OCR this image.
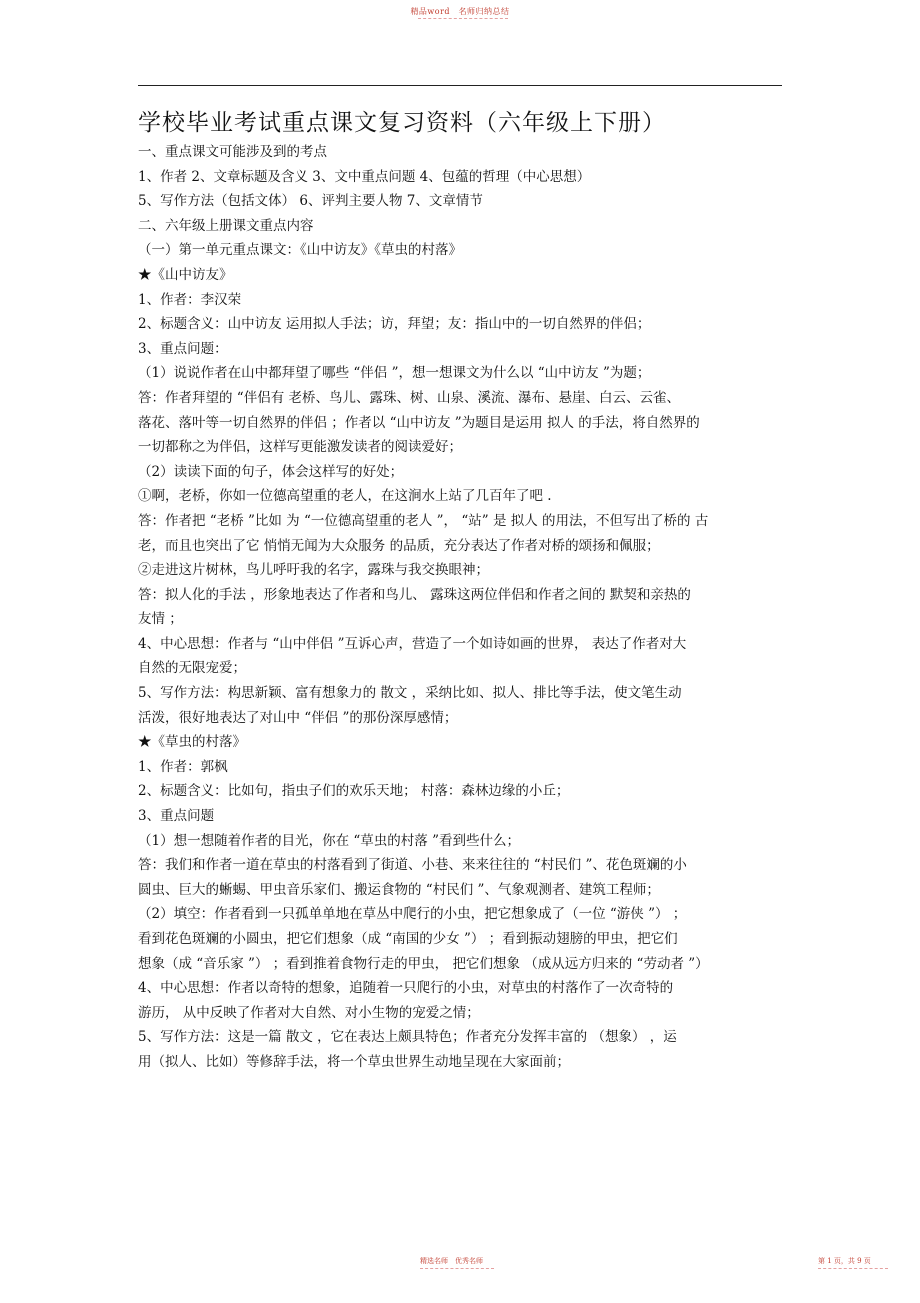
精品word　名师归纳总结
学校毕业考试重点课文复习资料（六年级上下册）
一、重点课文可能涉及到的考点
1、作者 2、文章标题及含义 3、文中重点问题 4、包蕴的哲理（中心思想）
5、写作方法（包括文体） 6、评判主要人物 7、文章情节
二、六年级上册课文重点内容
（一）第一单元重点课文：《山中访友》《草虫的村落》
★《山中访友》
1、作者：李汉荣
2、标题含义：山中访友 运用拟人手法；访，拜望；友：指山中的一切自然界的伴侣；
3、重点问题：
（1）说说作者在山中都拜望了哪些 “伴侣 ”，想一想课文为什么以 “山中访友 ”为题；
答：作者拜望的 “伴侣有 老桥、鸟儿、露珠、树、山泉、溪流、瀑布、悬崖、白云、云雀、
落花、落叶等一切自然界的伴侣 ；作者以 “山中访友 ”为题目是运用 拟人 的手法，将自然界的
一切都称之为伴侣，这样写更能激发读者的阅读爱好；
（2）读读下面的句子，体会这样写的好处；
①啊，老桥，你如一位德高望重的老人，在这涧水上站了几百年了吧 .
答：作者把 “老桥 ”比如 为 “一位德高望重的老人 ”， “站” 是 拟人 的用法，不但写出了桥的 古
老，而且也突出了它 悄悄无闻为大众服务 的品质，充分表达了作者对桥的颂扬和佩服；
②走进这片树林，鸟儿呼吁我的名字，露珠与我交换眼神；
答：拟人化的手法 ，形象地表达了作者和鸟儿、 露珠这两位伴侣和作者之间的 默契和亲热的
友情 ；
4、中心思想：作者与 “山中伴侣 ”互诉心声，营造了一个如诗如画的世界， 表达了作者对大
自然的无限宠爱；
5、写作方法：构思新颖、富有想象力的 散文 ，采纳比如、拟人、排比等手法，使文笔生动
活泼，很好地表达了对山中 “伴侣 ”的那份深厚感情；
★《草虫的村落》
1、作者：郭枫
2、标题含义：比如句，指虫子们的欢乐天地； 村落：森林边缘的小丘；
3、重点问题
（1）想一想随着作者的目光，你在 “草虫的村落 ”看到些什么；
答：我们和作者一道在草虫的村落看到了街道、小巷、来来往往的 “村民们 ”、花色斑斓的小
圆虫、巨大的蜥蜴、甲虫音乐家们、搬运食物的 “村民们 ”、气象观测者、建筑工程师；
（2）填空：作者看到一只孤单单地在草丛中爬行的小虫，把它想象成了（一位 “游侠 ”） ；
看到花色斑斓的小圆虫，把它们想象（成 “南国的少女 ”） ；看到振动翅膀的甲虫，把它们
想象（成 “音乐家 ”） ；看到推着食物行走的甲虫， 把它们想象 （成从远方归来的 “劳动者 ”）
4、中心思想：作者以奇特的想象，追随着一只爬行的小虫，对草虫的村落作了一次奇特的
游历， 从中反映了作者对大自然、对小生物的宠爱之情；
5、写作方法：这是一篇 散文 ，它在表达上颇具特色；作者充分发挥丰富的 （想象） ，运
用（拟人、比如）等修辞手法，将一个草虫世界生动地呈现在大家面前；
精选名师　优秀名师	第 1 页，共 9 页
